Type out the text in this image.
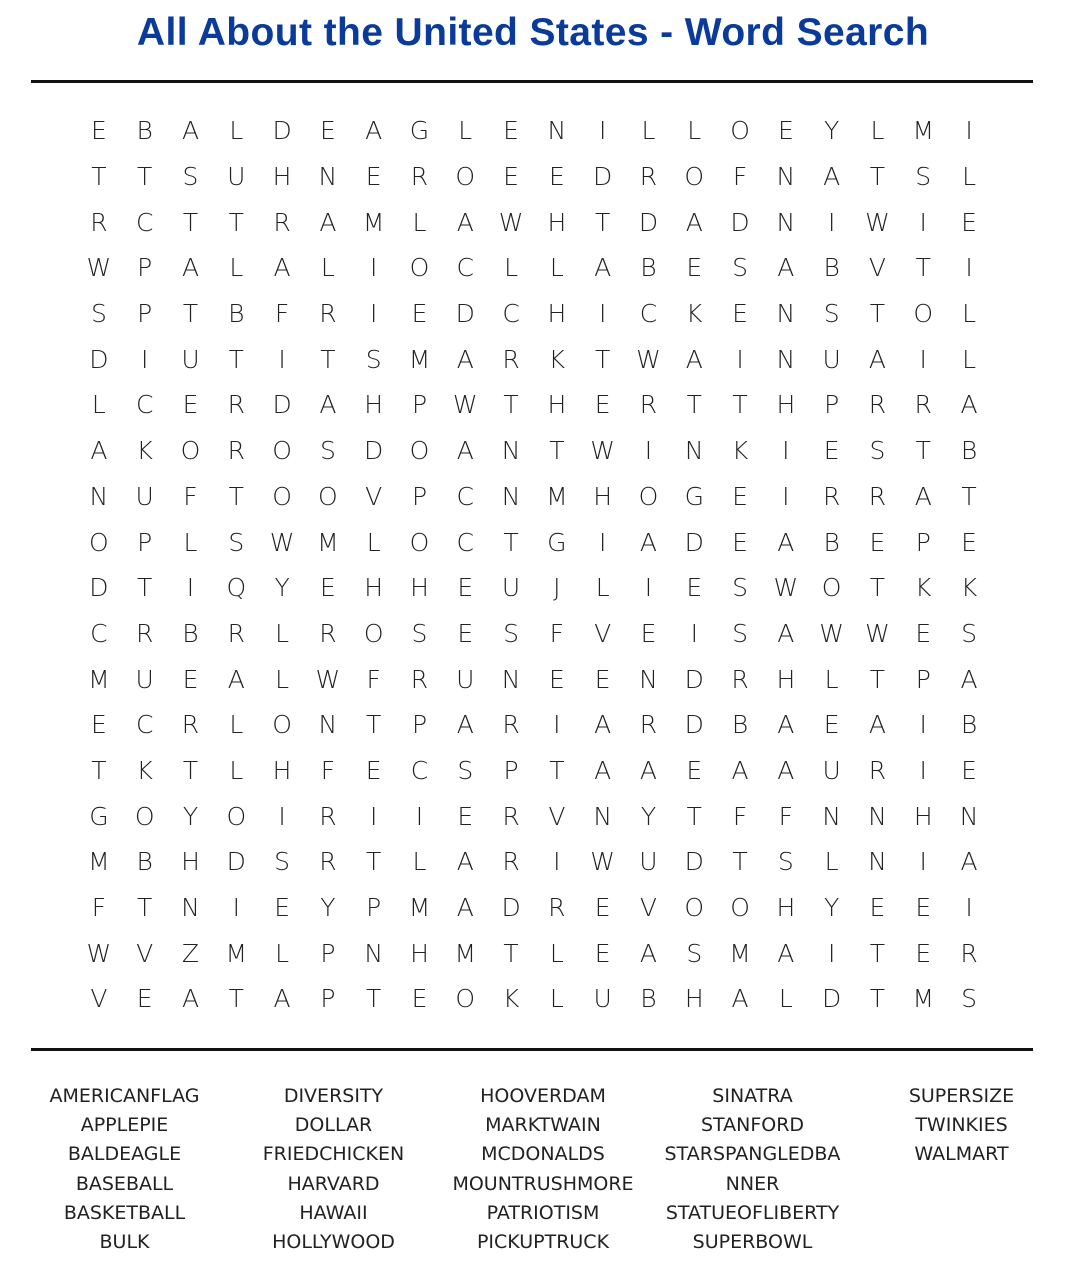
All About the United States - Word Search
E	B	A	L	D	E	A	G	L	E	N	I	L	L	O	E	Y	L	M	I
T	T	S	U	H	N	E	R	O	E	E	D	R	O	F	N	A	T	S	L
R	C	T	T	R	A	M	L	A W H	T	D	A	D	N	I	W	I	E
W	P	A	L	A	L	I	O	C	L	L	A	B	E	S	A	B	V	T	I
S	P	T	B	F	R	I	E	D	C	H	I	C	K	E	N	S	T	O	L
D	I	U	T	I	T	S	M	A	R	K	T	W A	I	N	U	A	I	L
L	C	E	R	D	A	H	P	W	T	H	E	R	T	T	H	P	R	R	A
A	K	O	R	O	S	D	O	A	N	T	W	I	N	K	I	E	S	T	B
N	U	F	T	O	O	V	P	C	N	M	H	O	G	E	I	R	R	A	T
O	P	L	S	W M	L	O	C	T	G	I	A	D	E	A	B	E	P	E
D	T	I	Q	Y	E	H	H	E	U	J	L	I	E	S	W O	T	K	K
C	R	B	R	L	R	O	S	E	S	F	V	E	I	S	A W W	E	S
M	U	E	A	L	W	F	R	U	N	E	E	N	D	R	H	L	T	P	A
E	C	R	L	O	N	T	P	A	R	I	A	R	D	B	A	E	A	I	B
T	K	T	L	H	F	E	C	S	P	T	A	A	E	A	A	U	R	I	E
G	O	Y	O	I	R	I	I	E	R	V	N	Y	T	F	F	N	N	H	N
M	B	H	D	S	R	T	L	A	R	I	W U	D	T	S	L	N	I	A
F	T	N	I	E	Y	P	M	A	D	R	E	V	O	O	H	Y	E	E	I
W V	Z	M	L	P	N	H	M	T	L	E	A	S	M	A	I	T	E	R
V	E	A	T	A	P	T	E	O	K	L	U	B	H	A	L	D	T	M	S
AMERICANFLAG
APPLEPIE
BALDEAGLE
BASEBALL
BASKETBALL
BULK
DIVERSITY
DOLLAR
FRIEDCHICKEN
HARVARD
HAWAII
HOLLYWOOD
HOOVERDAM
MARKTWAIN
MCDONALDS
MOUNTRUSHMORE
PATRIOTISM
PICKUPTRUCK
SINATRA
STANFORD
STARSPANGLEDBA
NNER
STATUEOFLIBERTY
SUPERBOWL
SUPERSIZE
TWINKIES
WALMART
